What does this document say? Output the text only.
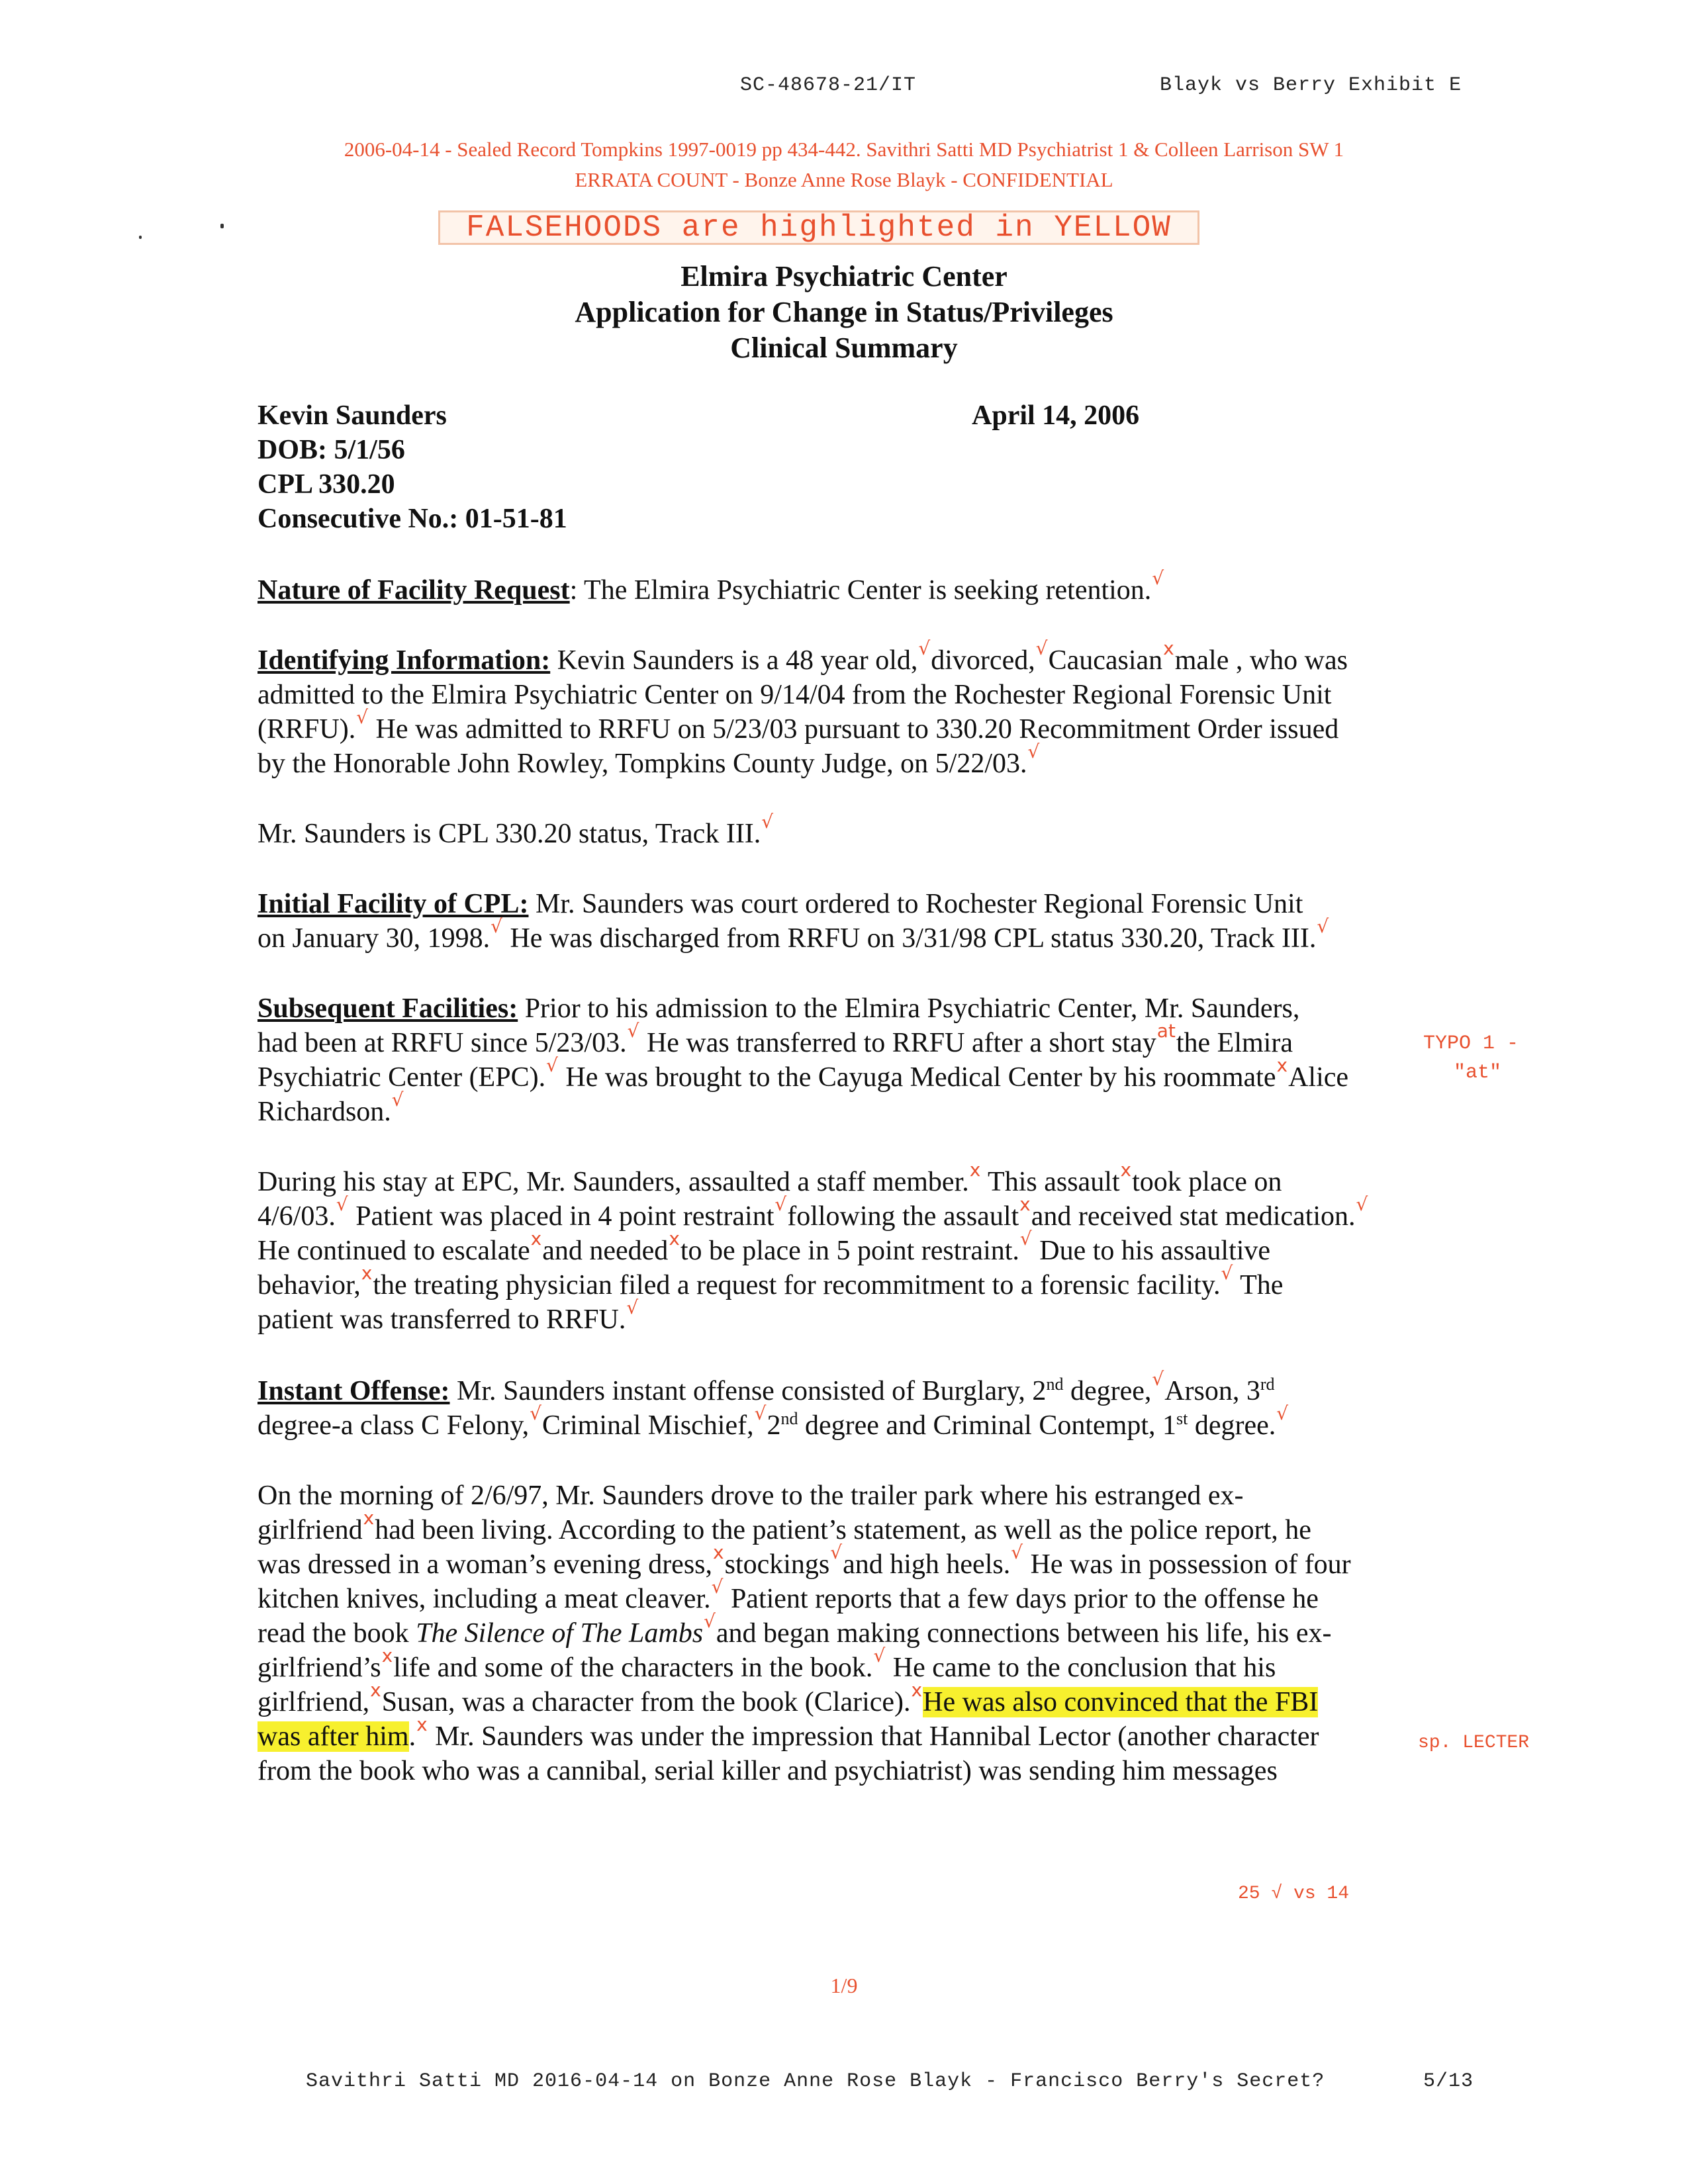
SC-48678-21/IT	Blayk vs Berry Exhibit E
2006-04-14 - Sealed Record Tompkins 1997-0019 pp 434-442. Savithri Satti MD Psychiatrist 1 & Colleen Larrison SW 1
ERRATA COUNT - Bonze Anne Rose Blayk - CONFIDENTIAL
FALSEHOODS are highlighted in YELLOW
Elmira Psychiatric Center
Application for Change in Status/Privileges
Clinical Summary
Kevin Saunders
DOB: 5/1/56
CPL 330.20
Consecutive No.: 01-51-81
April 14, 2006
Nature of Facility Request: The Elmira Psychiatric Center is seeking retention.√
Identifying Information: Kevin Saunders is a 48 year old,√divorced,√Caucasian$^x$male , who was
admitted to the Elmira Psychiatric Center on 9/14/04 from the Rochester Regional Forensic Unit
(RRFU).√ He was admitted to RRFU on 5/23/03 pursuant to 330.20 Recommitment Order issued
by the Honorable John Rowley, Tompkins County Judge, on 5/22/03.√
Mr. Saunders is CPL 330.20 status, Track III.√
Initial Facility of CPL: Mr. Saunders was court ordered to Rochester Regional Forensic Unit
on January 30, 1998.√ He was discharged from RRFU on 3/31/98 CPL status 330.20, Track III.√
Subsequent Facilities: Prior to his admission to the Elmira Psychiatric Center, Mr. Saunders,
had been at RRFU since 5/23/03.√ He was transferred to RRFU after a short stay$^{at}$the Elmira
Psychiatric Center (EPC).√ He was brought to the Cayuga Medical Center by his roommate$^x$Alice
Richardson.√
TYPO 1 -
"at"
During his stay at EPC, Mr. Saunders, assaulted a staff member.$^x$ This assault$^x$took place on
4/6/03.√ Patient was placed in 4 point restraint√following the assault$^x$and received stat medication.√
He continued to escalate$^x$and needed$^x$to be place in 5 point restraint.√ Due to his assaultive
behavior,$^x$the treating physician filed a request for recommitment to a forensic facility.√ The
patient was transferred to RRFU.√
Instant Offense: Mr. Saunders instant offense consisted of Burglary, 2nd degree,√Arson, 3rd
degree-a class C Felony,√Criminal Mischief,√2nd degree and Criminal Contempt, 1st degree.√
On the morning of 2/6/97, Mr. Saunders drove to the trailer park where his estranged ex-
girlfriend$^x$had been living. According to the patient’s statement, as well as the police report, he
was dressed in a woman’s evening dress,$^x$stockings√and high heels.√ He was in possession of four
kitchen knives, including a meat cleaver.√ Patient reports that a few days prior to the offense he
read the book The Silence of The Lambs√and began making connections between his life, his ex-
$girlfriend’s^xlife$ and some of the characters in the book.√ He came to the conclusion that his
girlfriend,$^x$Susan, was a character from the book (Clarice).$^x$He was also convinced that the FBI
was after him.$^x$ Mr. Saunders was under the impression that Hannibal Lector (another character
from the book who was a cannibal, serial killer and psychiatrist) was sending him messages
sp. LECTER
25 √ vs 14
1/9
Savithri Satti MD 2016-04-14 on Bonze Anne Rose Blayk - Francisco Berry's Secret?	5/13
